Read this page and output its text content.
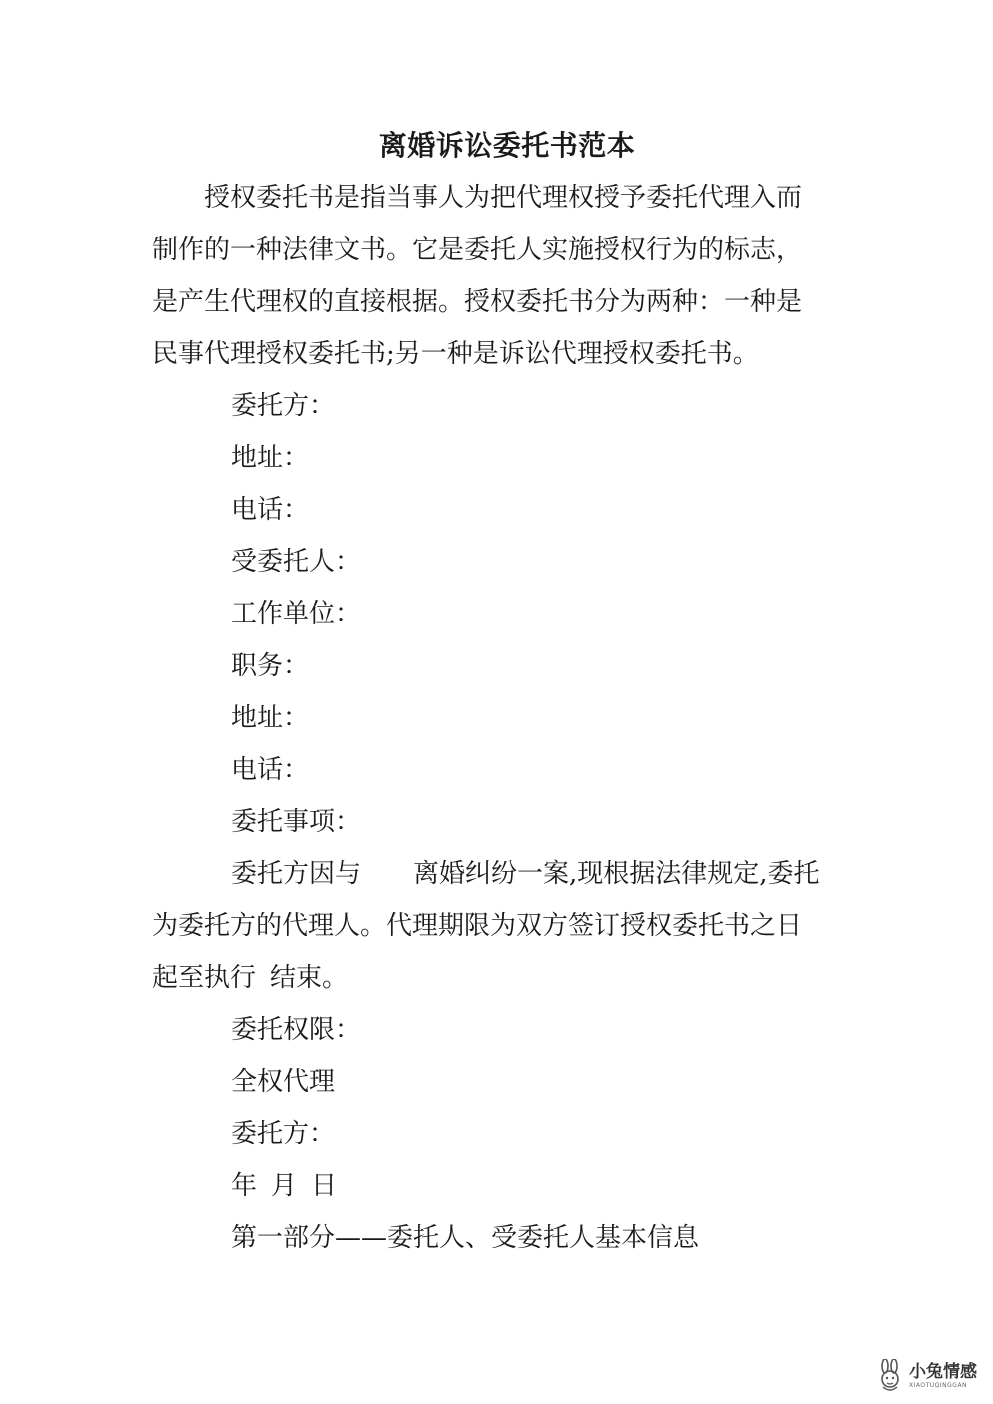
离婚诉讼委托书范本

授权委托书是指当事人为把代理权授予委托代理入而

制作的一种法律文书。它是委托人实施授权行为的标志，

是产生代理权的直接根据。授权委托书分为两种：一种是

民事代理授权委托书;另一种是诉讼代理授权委托书。

委托方：

地址：

电话：

受委托人：

工作单位：

职务：

地址：

电话：

委托事项：

委托方因与 离婚纠纷一案,现根据法律规定,委托

为委托方的代理人。代理期限为双方签订授权委托书之日

起至执行 结束。

委托权限：

全权代理

委托方：

年 月 日

第一部分——委托人、受委托人基本信息

小兔情感
XIAOTUQINGGAN
